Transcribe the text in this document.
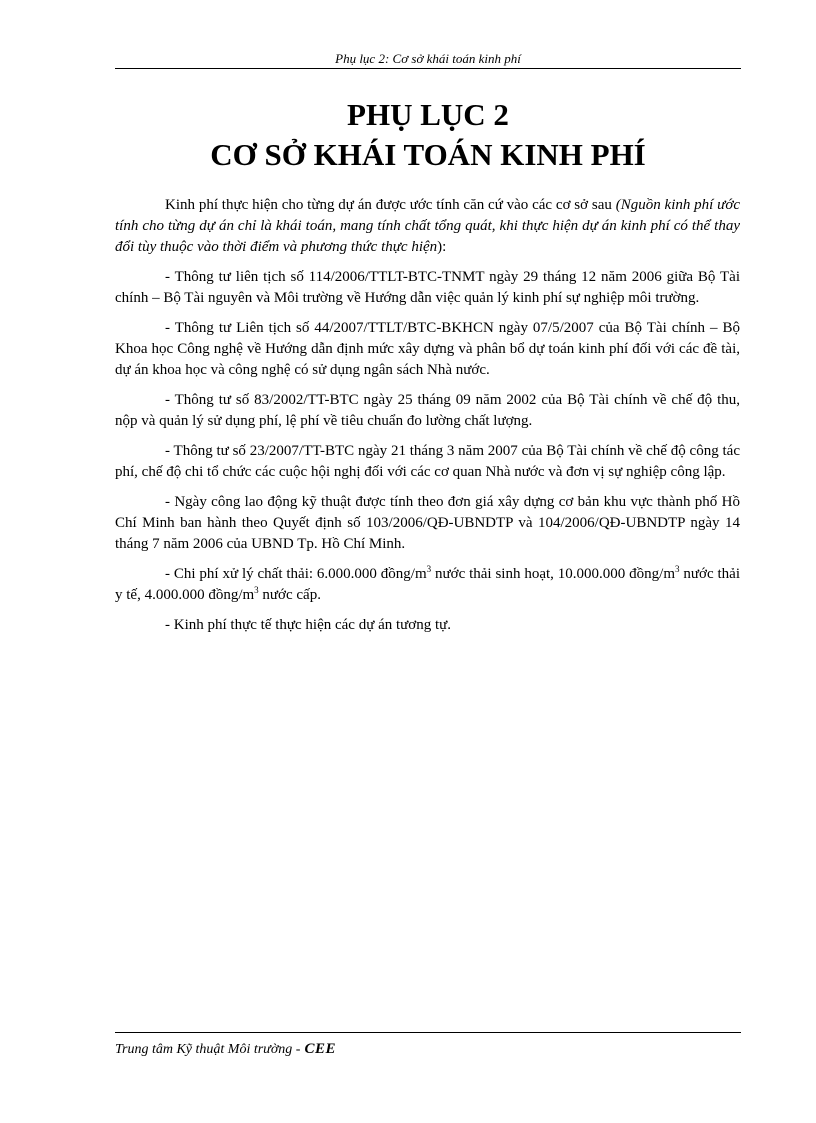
Phụ lục 2: Cơ sở khái toán kinh phí
PHỤ LỤC 2
CƠ SỞ KHÁI TOÁN KINH PHÍ

Kinh phí thực hiện cho từng dự án được ước tính căn cứ vào các cơ sở sau (Nguồn kinh phí ước tính cho từng dự án chỉ là khái toán, mang tính chất tổng quát, khi thực hiện dự án kinh phí có thể thay đổi tùy thuộc vào thời điểm và phương thức thực hiện):

- Thông tư liên tịch số 114/2006/TTLT-BTC-TNMT ngày 29 tháng 12 năm 2006 giữa Bộ Tài chính – Bộ Tài nguyên và Môi trường về Hướng dẫn việc quản lý kinh phí sự nghiệp môi trường.

- Thông tư Liên tịch số 44/2007/TTLT/BTC-BKHCN ngày 07/5/2007 của Bộ Tài chính – Bộ Khoa học Công nghệ về Hướng dẫn định mức xây dựng và phân bổ dự toán kinh phí đối với các đề tài, dự án khoa học và công nghệ có sử dụng ngân sách Nhà nước.

- Thông tư số 83/2002/TT-BTC ngày 25 tháng 09 năm 2002 của Bộ Tài chính về chế độ thu, nộp và quản lý sử dụng phí, lệ phí về tiêu chuẩn đo lường chất lượng.

- Thông tư số 23/2007/TT-BTC ngày 21 tháng 3 năm 2007 của Bộ Tài chính về chế độ công tác phí, chế độ chi tổ chức các cuộc hội nghị đối với các cơ quan Nhà nước và đơn vị sự nghiệp công lập.

- Ngày công lao động kỹ thuật được tính theo đơn giá xây dựng cơ bản khu vực thành phố Hồ Chí Minh ban hành theo Quyết định số 103/2006/QĐ-UBNDTP và 104/2006/QĐ-UBNDTP ngày 14 tháng 7 năm 2006 của UBND Tp. Hồ Chí Minh.

- Chi phí xử lý chất thải: 6.000.000 đồng/$m^3$ nước thải sinh hoạt, 10.000.000 đồng/$m^3$ nước thải y tế, 4.000.000 đồng/$m^3$ nước cấp.

- Kinh phí thực tế thực hiện các dự án tương tự.

Trung tâm Kỹ thuật Môi trường - CEE
